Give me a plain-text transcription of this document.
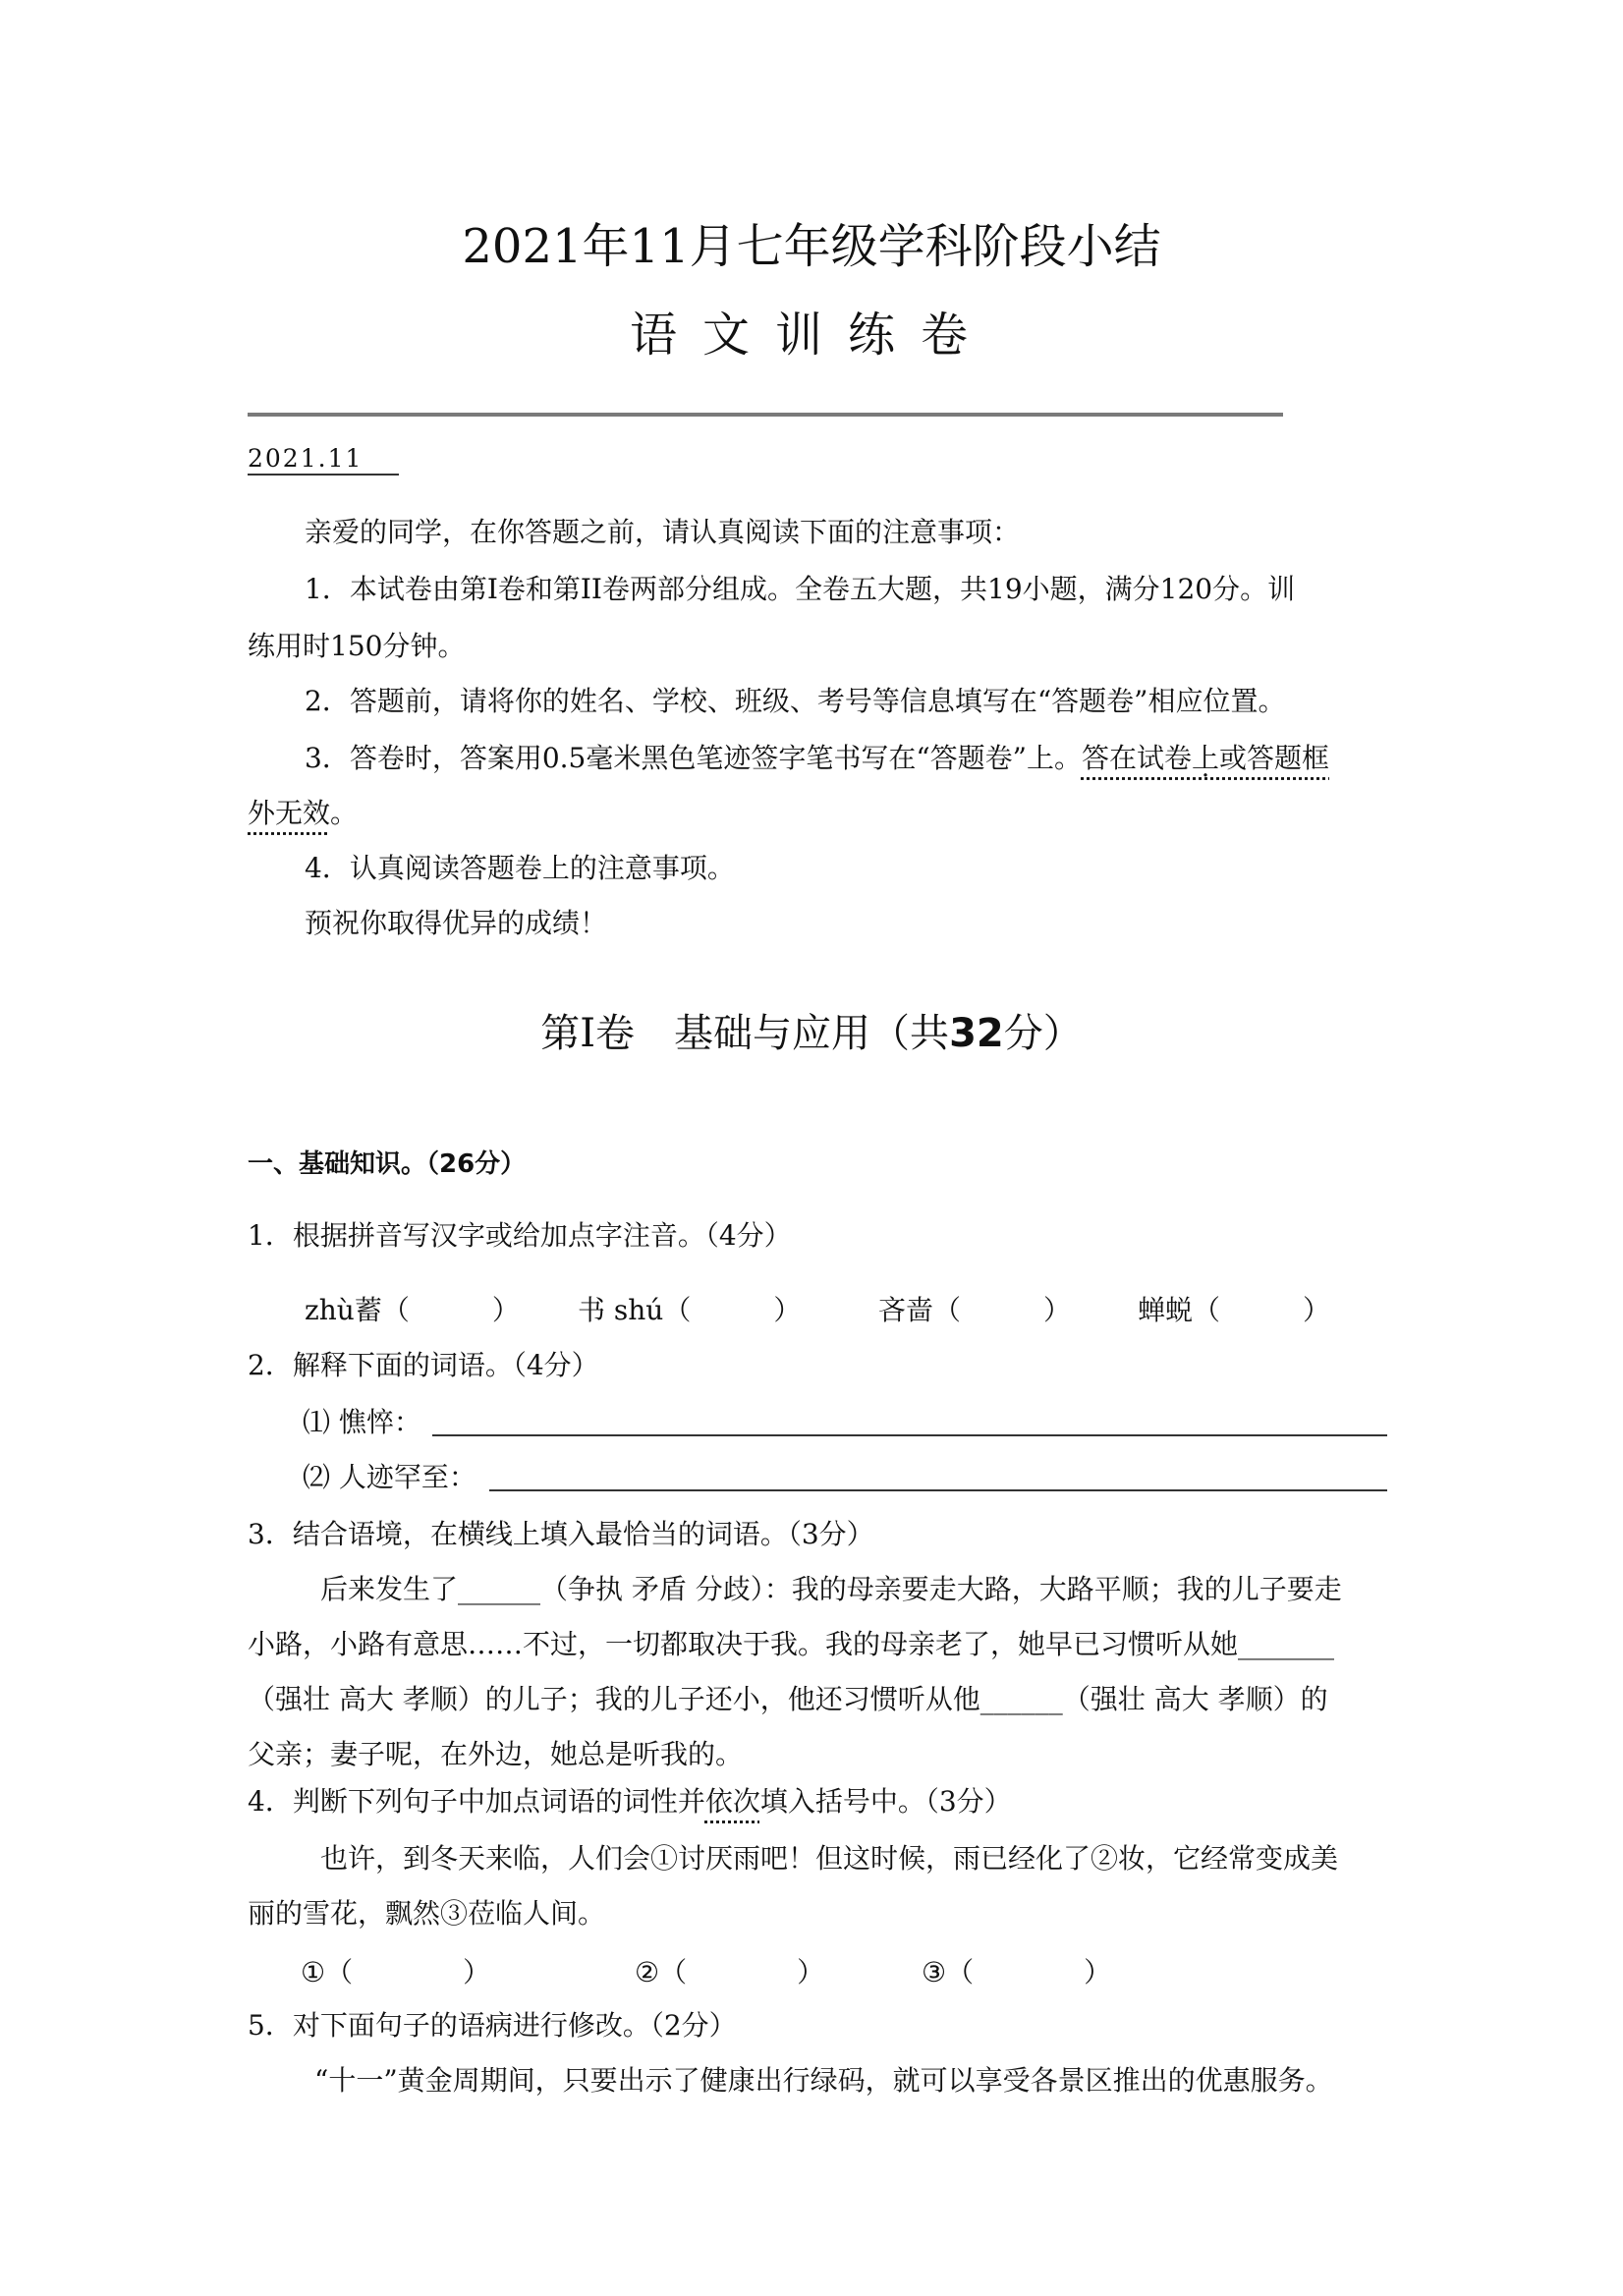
2021年11月七年级学科阶段小结
语文训练卷
2021.11
亲爱的同学，在你答题之前，请认真阅读下面的注意事项：
1．本试卷由第Ⅰ卷和第II卷两部分组成。全卷五大题，共19小题，满分120分。训
练用时150分钟。
2．答题前，请将你的姓名、学校、班级、考号等信息填写在“答题卷”相应位置。
3．答卷时，答案用0.5毫米黑色笔迹签字笔书写在“答题卷”上。答在试卷上或答题框 ·
外无效。
4．认真阅读答题卷上的注意事项。
预祝你取得优异的成绩！
第Ⅰ卷　基础与应用（共32分）
一、基础知识。（26分）
1．根据拼音写汉字或给加点字注音。（4分）
zhù蓄（　　　） 书 shú（　　　）	吝啬（　　　） 蝉蜕（　　　）
2．解释下面的词语。（4分）
⑴ 憔悴：
⑵ 人迹罕至：
3．结合语境，在横线上填入最恰当的词语。（3分）
后来发生了______（争执 矛盾 分歧）：我的母亲要走大路，大路平顺；我的儿子要走
小路，小路有意思……不过，一切都取决于我。我的母亲老了，她早已习惯听从她_______
（强壮 高大 孝顺）的儿子；我的儿子还小，他还习惯听从他______（强壮 高大 孝顺）的
父亲；妻子呢，在外边，她总是听我的。
4．判断下列句子中加点词语的词性并依次填入括号中。（3分）
也许，到冬天来临，人们会①讨厌雨吧！但这时候，雨已经化了②妆，它经常变成美
丽的雪花，飘然③莅临人间。
①（　　　　）	②（　　　　）	③（　　　　）
5．对下面句子的语病进行修改。（2分）
“十一”黄金周期间，只要出示了健康出行绿码，就可以享受各景区推出的优惠服务。
